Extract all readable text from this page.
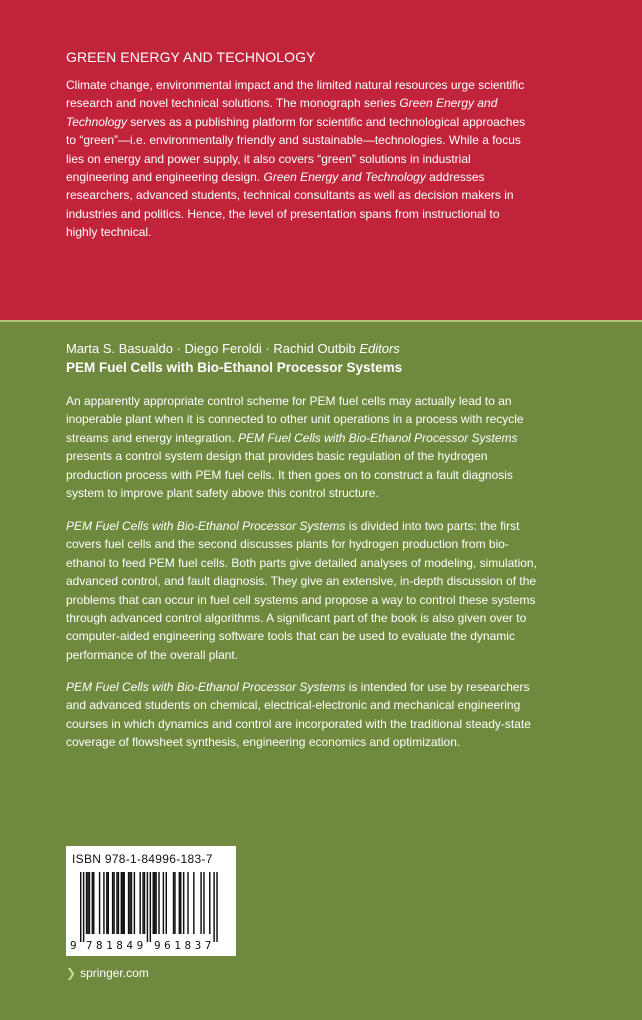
GREEN ENERGY AND TECHNOLOGY

Climate change, environmental impact and the limited natural resources urge scientific research and novel technical solutions. The monograph series Green Energy and Technology serves as a publishing platform for scientific and technological approaches to “green”—i.e. environmentally friendly and sustainable—technologies. While a focus lies on energy and power supply, it also covers “green” solutions in industrial engineering and engineering design. Green Energy and Technology addresses researchers, advanced students, technical consultants as well as decision makers in industries and politics. Hence, the level of presentation spans from instructional to highly technical.

Marta S. Basualdo · Diego Feroldi · Rachid Outbib Editors
PEM Fuel Cells with Bio-Ethanol Processor Systems

An apparently appropriate control scheme for PEM fuel cells may actually lead to an inoperable plant when it is connected to other unit operations in a process with recycle streams and energy integration. PEM Fuel Cells with Bio-Ethanol Processor Systems presents a control system design that provides basic regulation of the hydrogen production process with PEM fuel cells. It then goes on to construct a fault diagnosis system to improve plant safety above this control structure.

PEM Fuel Cells with Bio-Ethanol Processor Systems is divided into two parts: the first covers fuel cells and the second discusses plants for hydrogen production from bio-ethanol to feed PEM fuel cells. Both parts give detailed analyses of modeling, simulation, advanced control, and fault diagnosis. They give an extensive, in-depth discussion of the problems that can occur in fuel cell systems and propose a way to control these systems through advanced control algorithms. A significant part of the book is also given over to computer-aided engineering software tools that can be used to evaluate the dynamic performance of the overall plant.

PEM Fuel Cells with Bio-Ethanol Processor Systems is intended for use by researchers and advanced students on chemical, electrical-electronic and mechanical engineering courses in which dynamics and control are incorporated with the traditional steady-state coverage of flowsheet synthesis, engineering economics and optimization.

ISBN 978-1-84996-183-7
9 7 8 1 8 4 9 9 6 1 8 3 7
❯ springer.com
